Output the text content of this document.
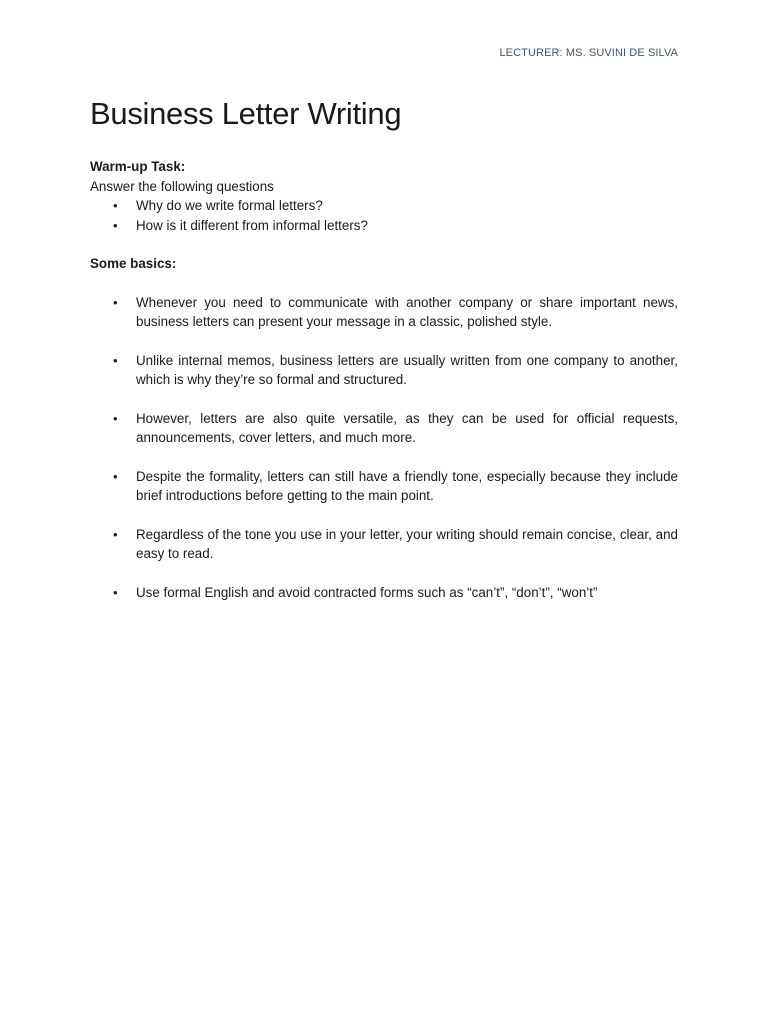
LECTURER: MS. SUVINI DE SILVA
Business Letter Writing
Warm-up Task:
Answer the following questions
• Why do we write formal letters?
• How is it different from informal letters?
Some basics:
• Whenever you need to communicate with another company or share important news, business letters can present your message in a classic, polished style.
• Unlike internal memos, business letters are usually written from one company to another, which is why they’re so formal and structured.
• However, letters are also quite versatile, as they can be used for official requests, announcements, cover letters, and much more.
• Despite the formality, letters can still have a friendly tone, especially because they include brief introductions before getting to the main point.
• Regardless of the tone you use in your letter, your writing should remain concise, clear, and easy to read.
• Use formal English and avoid contracted forms such as “can’t”, “don’t”, “won’t”
